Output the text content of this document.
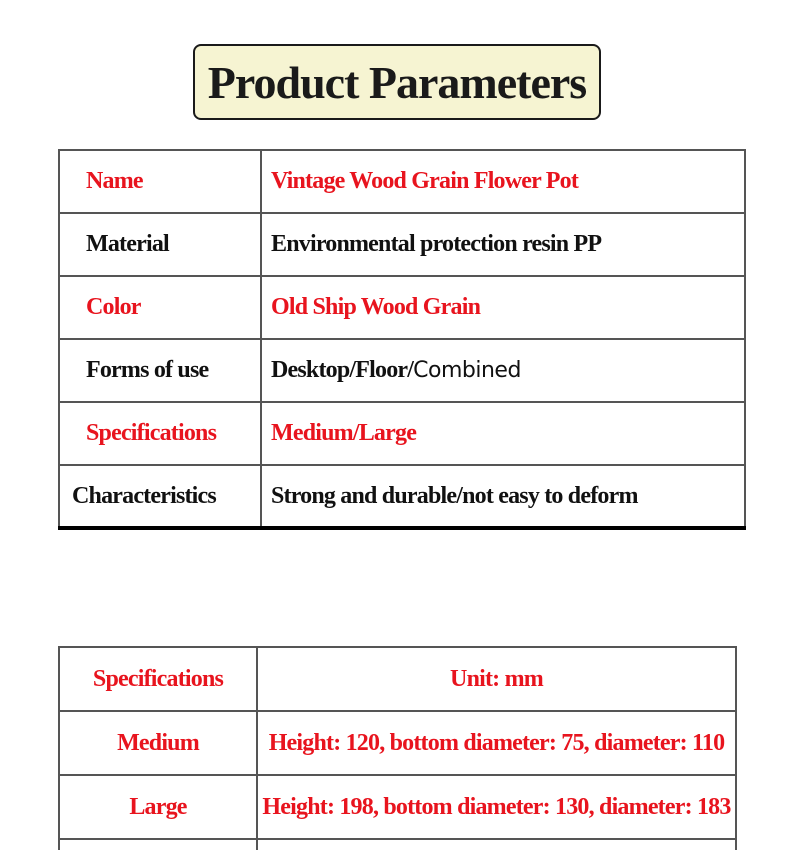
Product Parameters
Name	Vintage Wood Grain Flower Pot
Material	Environmental protection resin PP
Color	Old Ship Wood Grain
Forms of use	Desktop/Floor/Combined
Specifications	Medium/Large
Characteristics	Strong and durable/not easy to deform
Specifications	Unit: mm
Medium	Height: 120, bottom diameter: 75, diameter: 110
Large	Height: 198, bottom diameter: 130, diameter: 183
